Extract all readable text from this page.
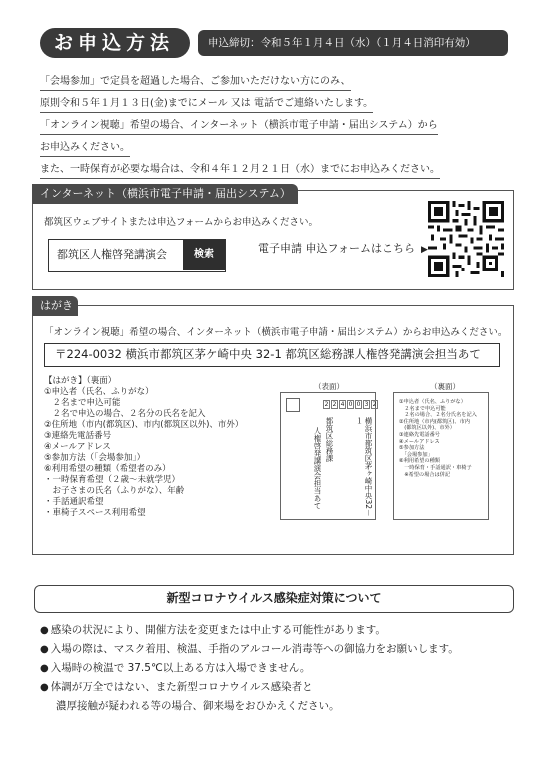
お申込方法	申込締切：令和５年１月４日（水）（１月４日消印有効）
「会場参加」で定員を超過した場合、ご参加いただけない方にのみ、
原則令和５年１月１３日(金)までにメール 又は 電話でご連絡いたします。
「オンライン視聴」希望の場合、インターネット（横浜市電子申請・届出システム）から
お申込みください。
また、一時保育が必要な場合は、令和４年１２月２１日（水）までにお申込みください。
インターネット（横浜市電子申請・届出システム）
都筑区ウェブサイトまたは申込フォームからお申込みください。
都筑区人権啓発講演会	検索	電子申請 申込フォームはこちら ▶
はがき
「オンライン視聴」希望の場合、インターネット（横浜市電子申請・届出システム）からお申込みください。
〒224-0032 横浜市都筑区茅ケ崎中央 32-1 都筑区総務課人権啓発講演会担当あて
【はがき】（裏面）
①申込者（氏名、ふりがな）
　２名まで申込可能
　２名で申込の場合、２名分の氏名を記入
②住所地（市内(都筑区)、市内(都筑区以外)、市外）
③連絡先電話番号
④メールアドレス
⑤参加方法（「会場参加」）
⑥利用希望の種類（希望者のみ）
・一時保育希望（２歳～未就学児）
　お子さまの氏名（ふりがな）、年齢
・手話通訳希望
・車椅子スペース利用希望
（表面）
2 2 4 0 0 3 2
横浜市都筑区茅ヶ崎中央32－１
都筑区総務課
人権啓発講演会担当あて
（裏面）
①申込者（氏名、ふりがな）
　２名まで申込可能
　２名の場合、２名分氏名を記入
②住所地（市内(都筑区)、市内
　(都筑区以外)、市外）
③連絡先電話番号
④メールアドレス
⑤参加方法
　「会場参加」
⑥利用希望の種類
　一時保育・手話通訳・車椅子
　※希望の場合は併記
新型コロナウイルス感染症対策について
● 感染の状況により、開催方法を変更または中止する可能性があります。
● 入場の際は、マスク着用、検温、手指のアルコール消毒等への御協力をお願いします。
● 入場時の検温で 37.5℃以上ある方は入場できません。
● 体調が万全ではない、また新型コロナウイルス感染者と
濃厚接触が疑われる等の場合、御来場をおひかえください。
